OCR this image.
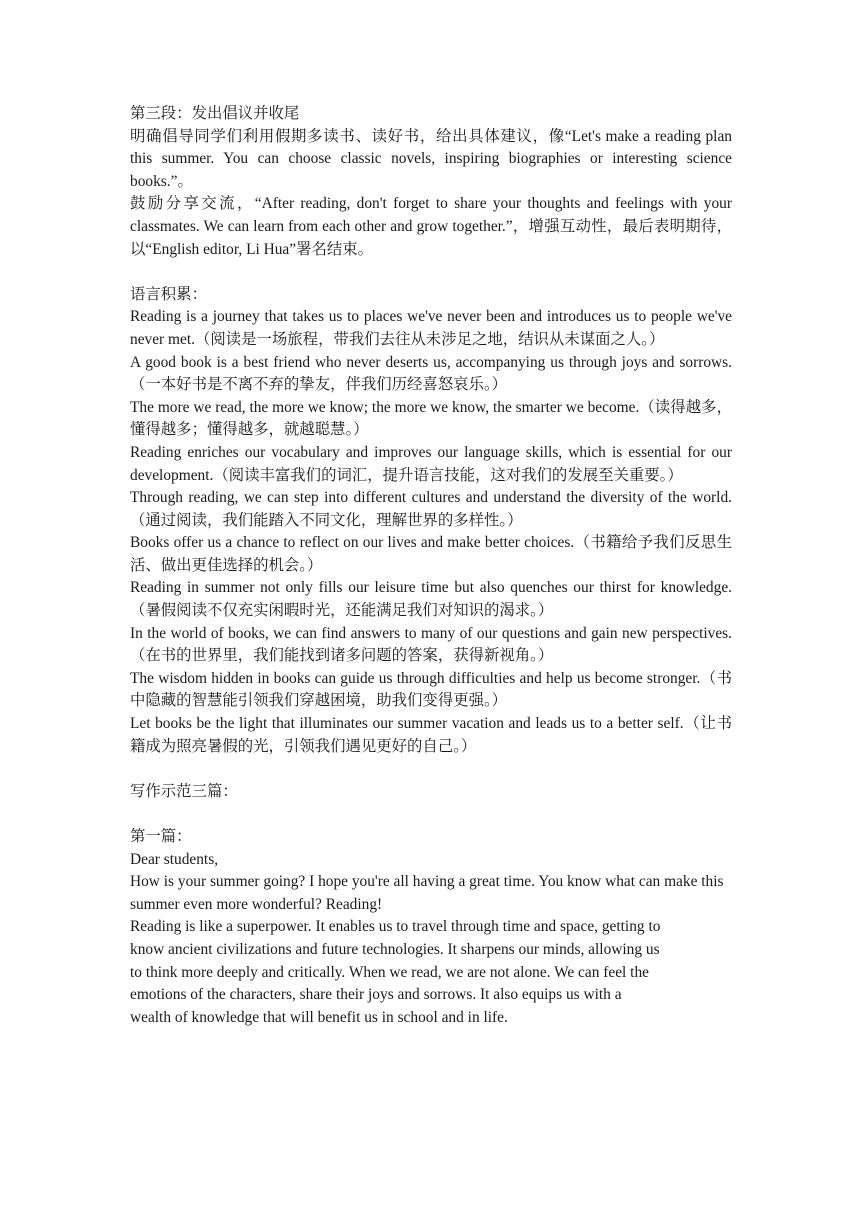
第三段：发出倡议并收尾

明确倡导同学们利用假期多读书、读好书，给出具体建议，像“Let's make a reading plan this summer. You can choose classic novels, inspiring biographies or interesting science books.”。

鼓励分享交流，“After reading, don't forget to share your thoughts and feelings with your classmates. We can learn from each other and grow together.”，增强互动性，最后表明期待，以“English editor, Li Hua”署名结束。

语言积累：

Reading is a journey that takes us to places we've never been and introduces us to people we've never met.（阅读是一场旅程，带我们去往从未涉足之地，结识从未谋面之人。）

A good book is a best friend who never deserts us, accompanying us through joys and sorrows.（一本好书是不离不弃的挚友，伴我们历经喜怒哀乐。）

The more we read, the more we know; the more we know, the smarter we become.（读得越多，懂得越多；懂得越多，就越聪慧。）

Reading enriches our vocabulary and improves our language skills, which is essential for our development.（阅读丰富我们的词汇，提升语言技能，这对我们的发展至关重要。）

Through reading, we can step into different cultures and understand the diversity of the world.（通过阅读，我们能踏入不同文化，理解世界的多样性。）

Books offer us a chance to reflect on our lives and make better choices.（书籍给予我们反思生活、做出更佳选择的机会。）

Reading in summer not only fills our leisure time but also quenches our thirst for knowledge.（暑假阅读不仅充实闲暇时光，还能满足我们对知识的渴求。）

In the world of books, we can find answers to many of our questions and gain new perspectives.（在书的世界里，我们能找到诸多问题的答案，获得新视角。）

The wisdom hidden in books can guide us through difficulties and help us become stronger.（书中隐藏的智慧能引领我们穿越困境，助我们变得更强。）

Let books be the light that illuminates our summer vacation and leads us to a better self.（让书籍成为照亮暑假的光，引领我们遇见更好的自己。）

写作示范三篇：

第一篇：

Dear students,

How is your summer going? I hope you're all having a great time. You know what can make this summer even more wonderful? Reading!

Reading is like a superpower. It enables us to travel through time and space, getting to
know ancient civilizations and future technologies. It sharpens our minds, allowing us
to think more deeply and critically. When we read, we are not alone. We can feel the
emotions of the characters, share their joys and sorrows. It also equips us with a
wealth of knowledge that will benefit us in school and in life.
